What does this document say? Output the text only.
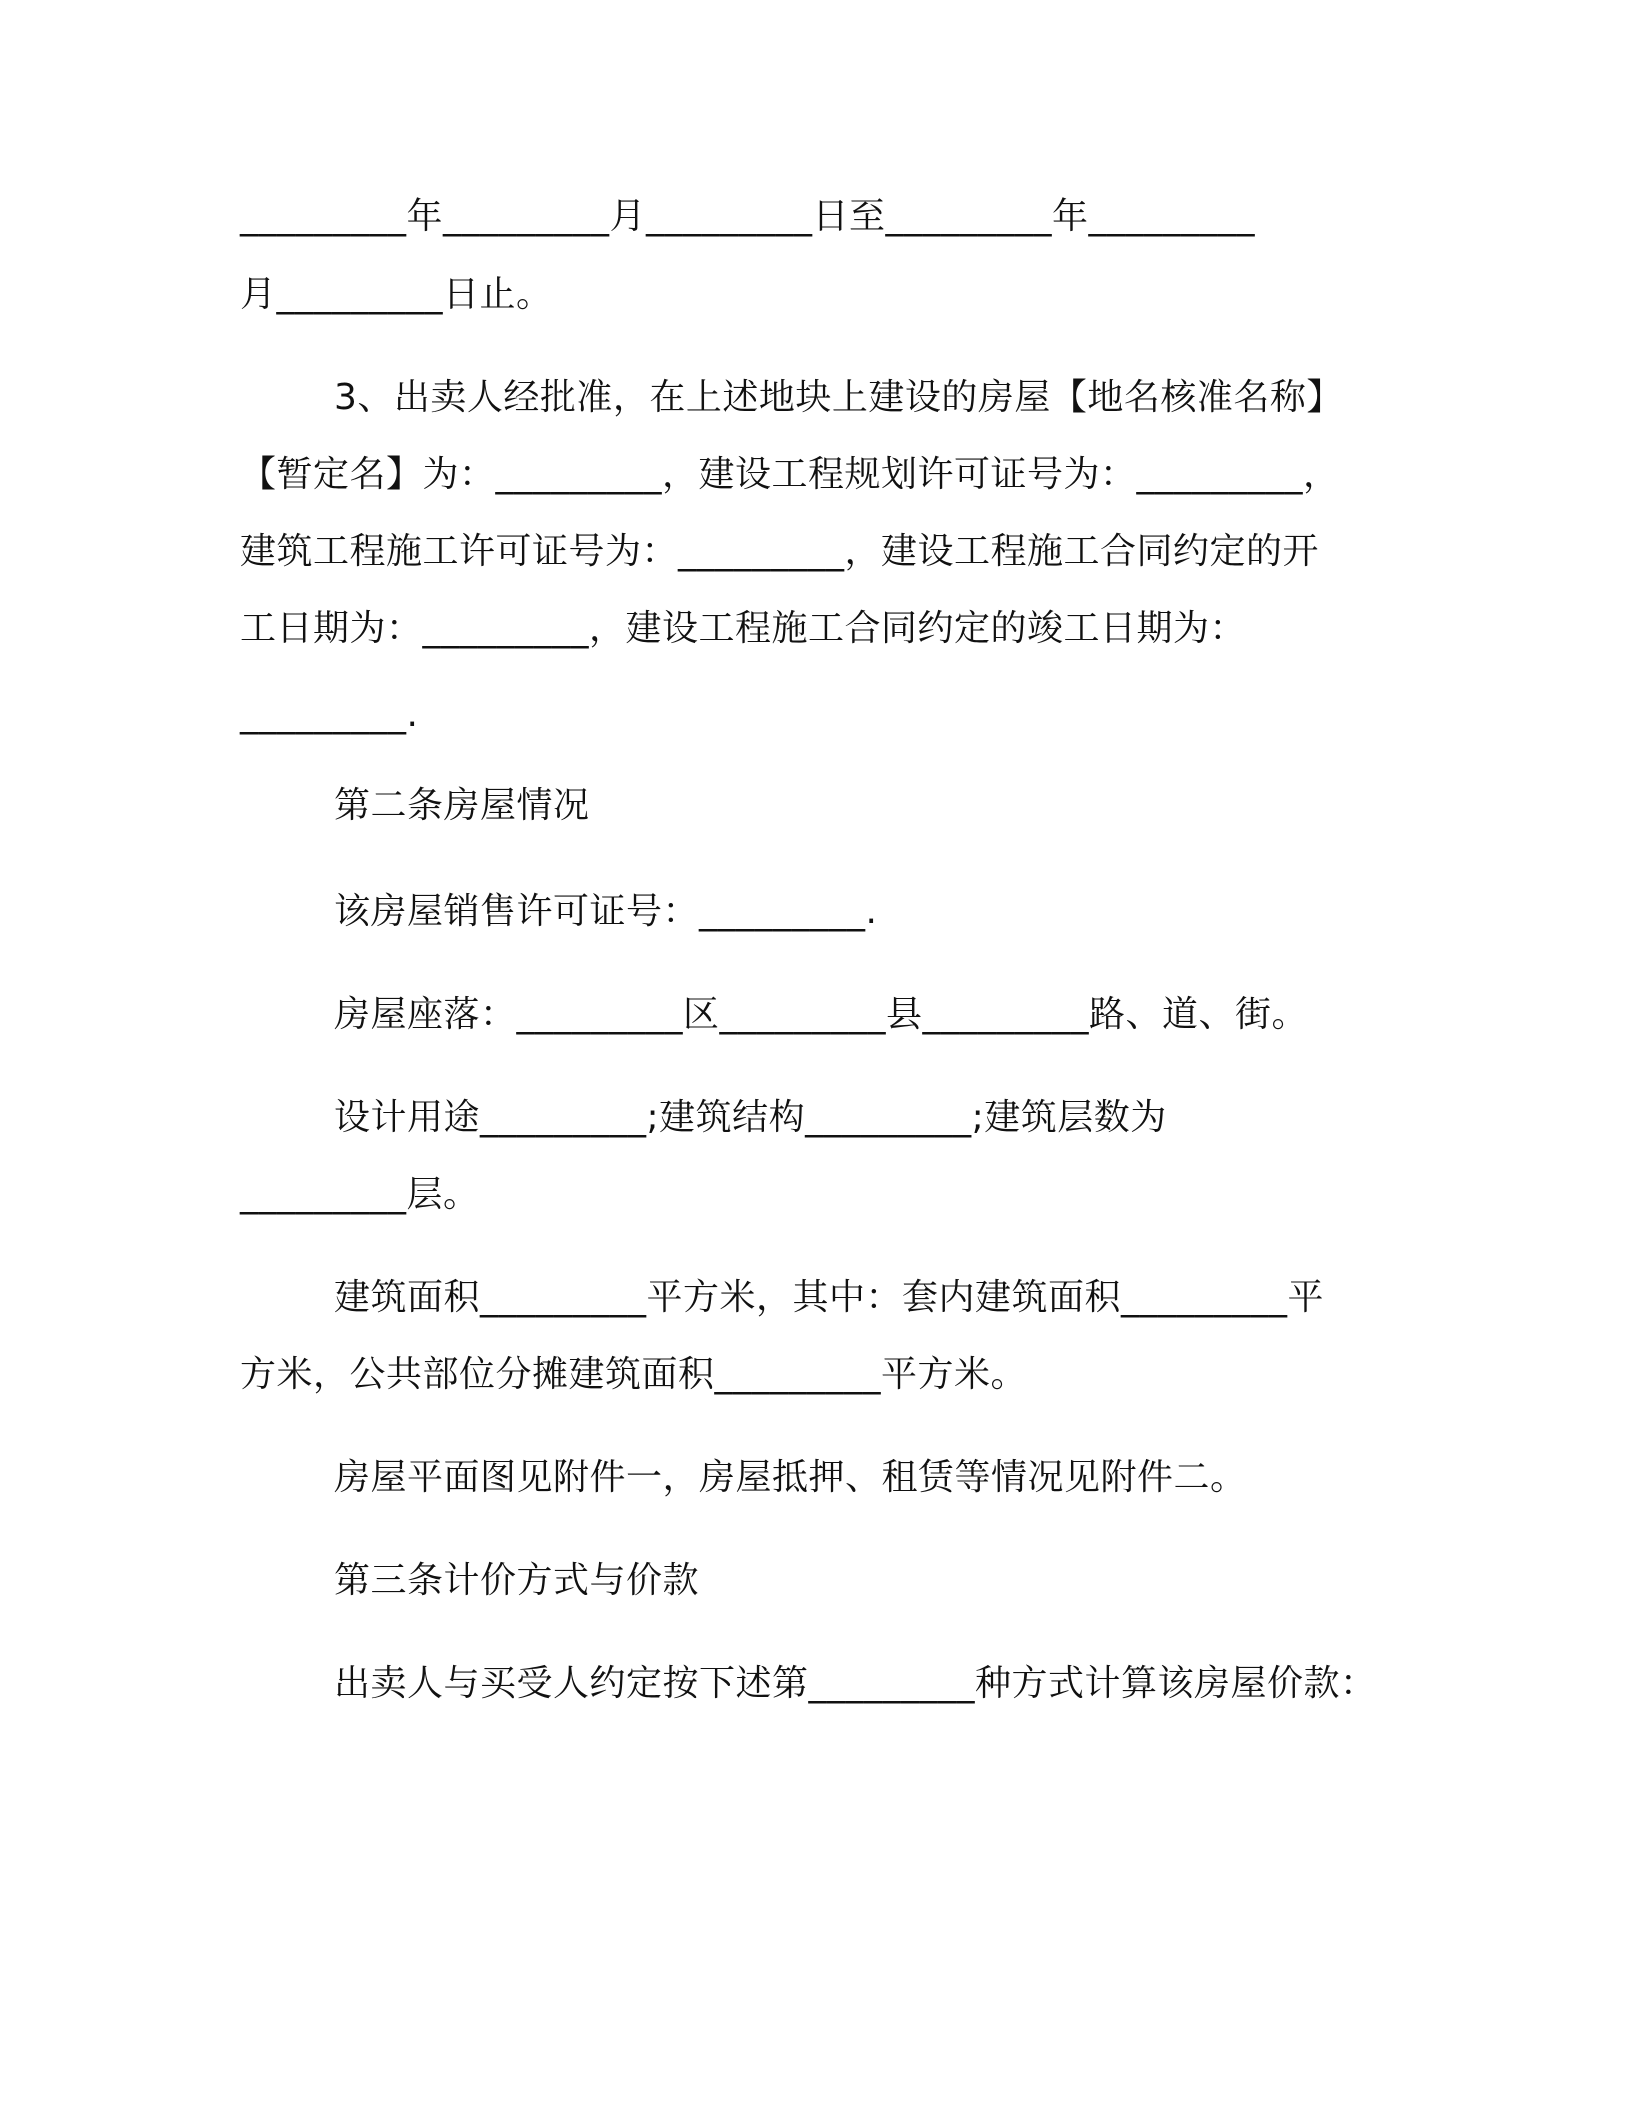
_________年_________月_________日至_________年_________
月_________日止。
3、出卖人经批准，在上述地块上建设的房屋【地名核准名称】
【暂定名】为：_________，建设工程规划许可证号为：_________，
建筑工程施工许可证号为：_________，建设工程施工合同约定的开
工日期为：_________，建设工程施工合同约定的竣工日期为：
_________.
第二条房屋情况
该房屋销售许可证号：_________.
房屋座落：_________区_________县_________路、道、街。
设计用途_________;建筑结构_________;建筑层数为
_________层。
建筑面积_________平方米，其中：套内建筑面积_________平
方米，公共部位分摊建筑面积_________平方米。
房屋平面图见附件一，房屋抵押、租赁等情况见附件二。
第三条计价方式与价款
出卖人与买受人约定按下述第_________种方式计算该房屋价款：
